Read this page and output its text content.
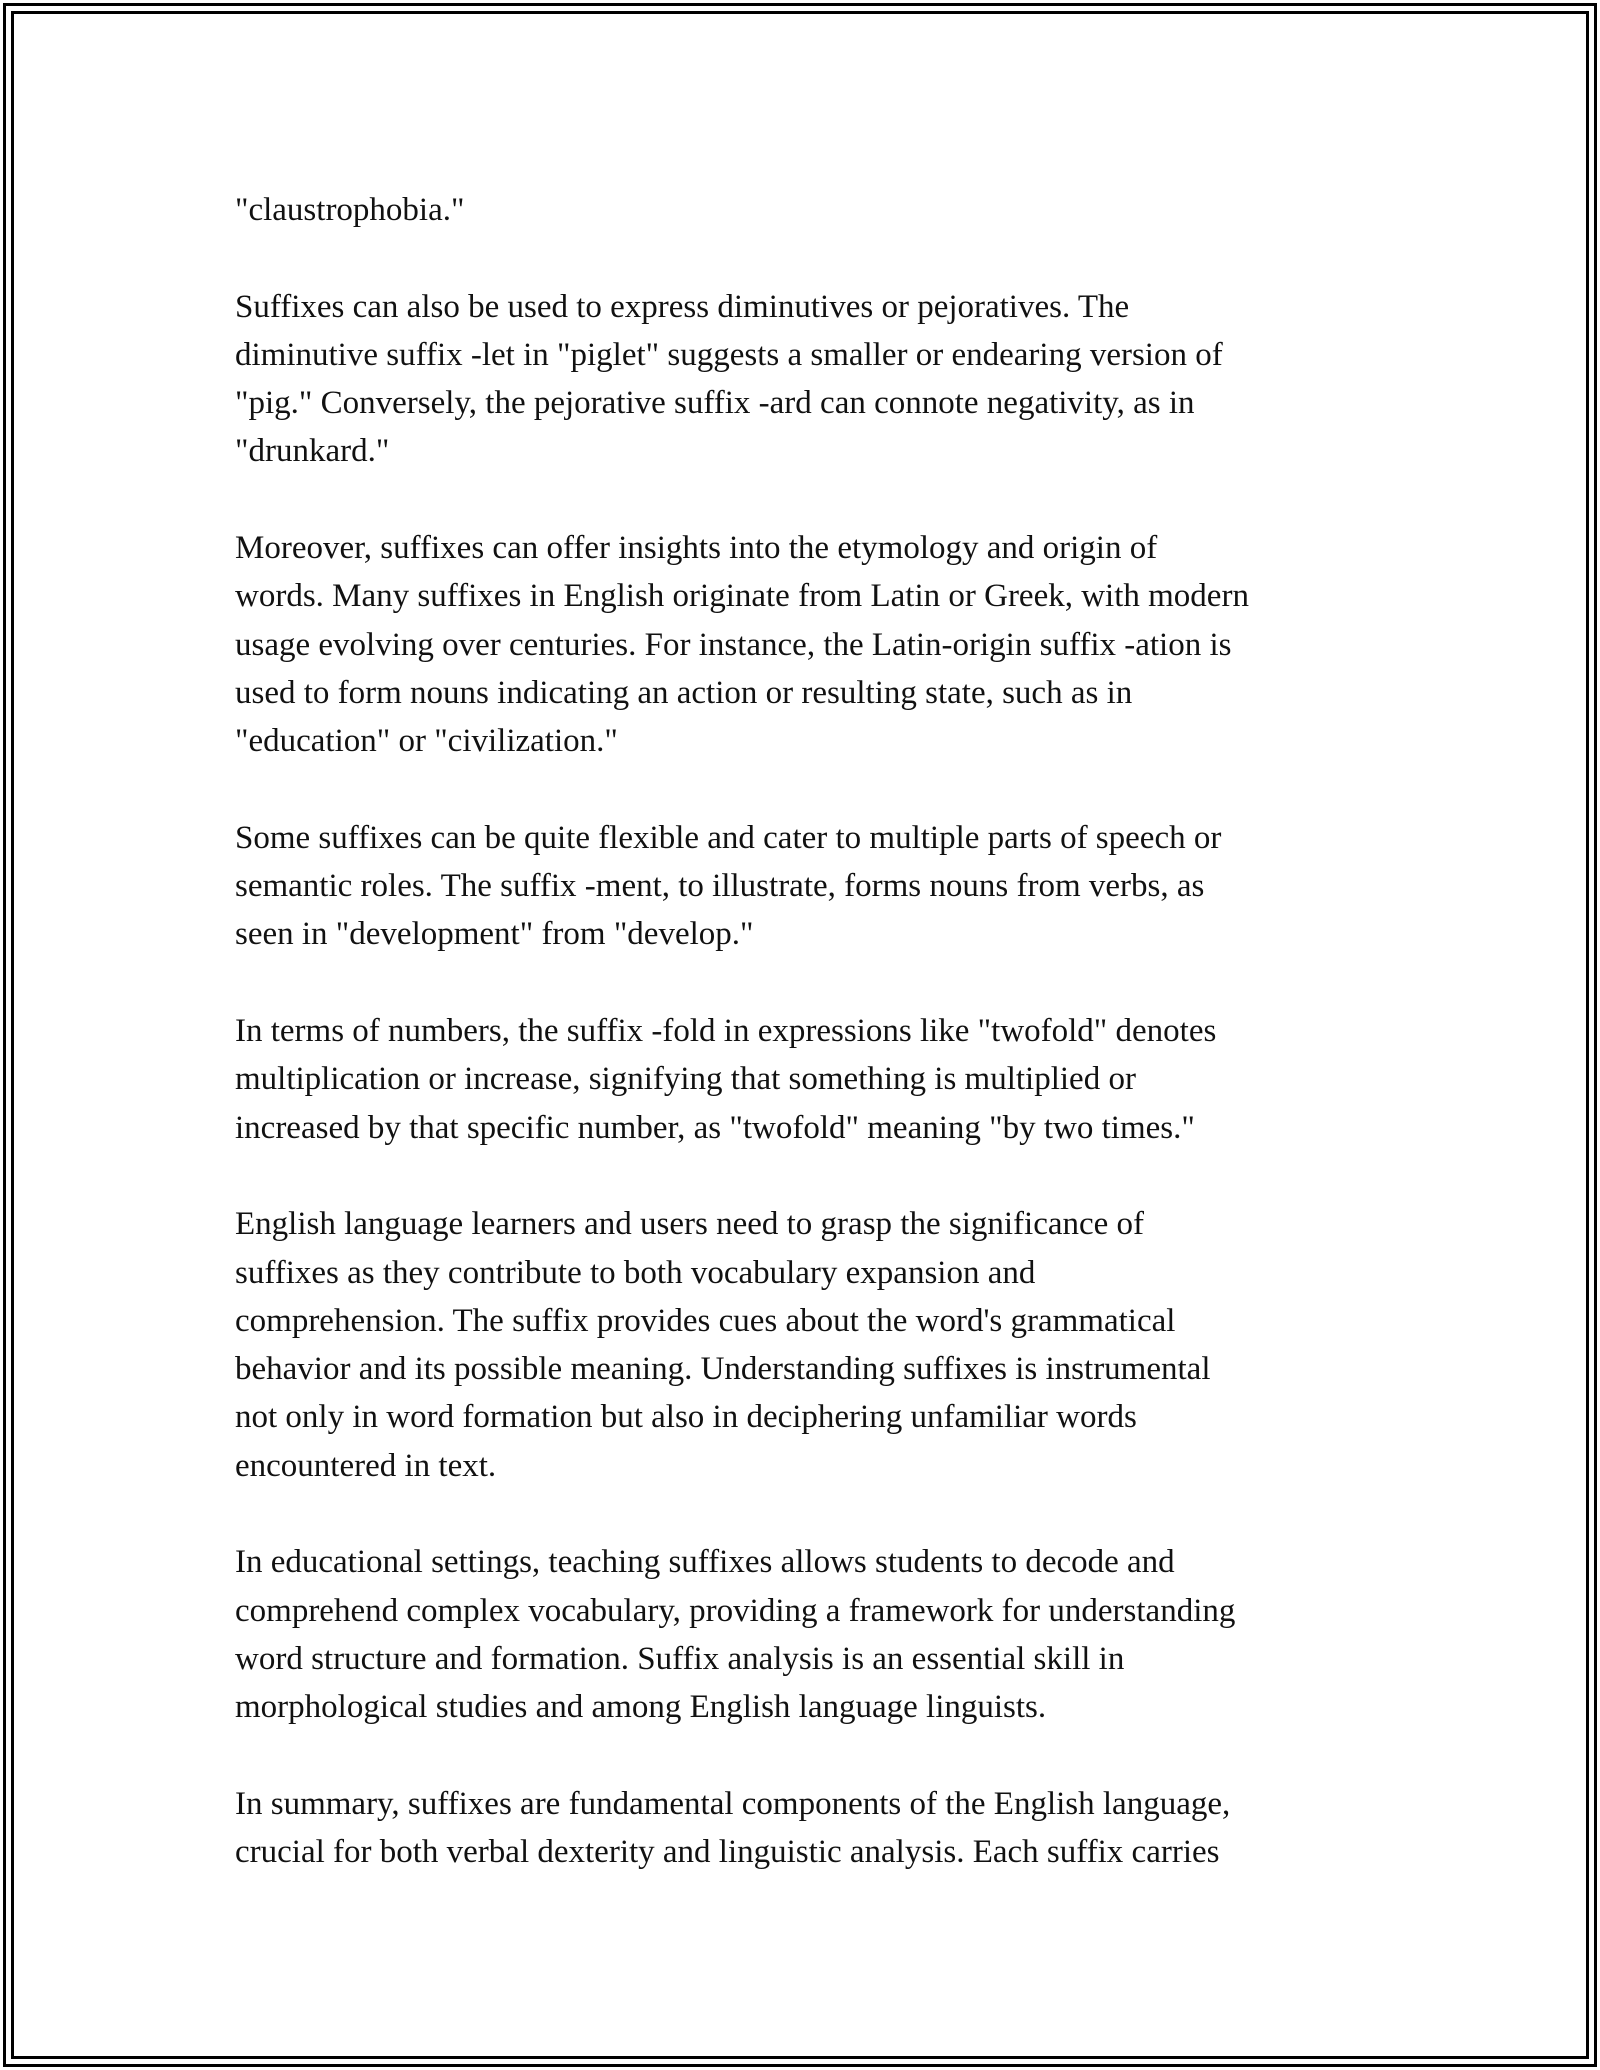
"claustrophobia."

Suffixes can also be used to express diminutives or pejoratives. The
diminutive suffix -let in "piglet" suggests a smaller or endearing version of
"pig." Conversely, the pejorative suffix -ard can connote negativity, as in
"drunkard."

Moreover, suffixes can offer insights into the etymology and origin of
words. Many suffixes in English originate from Latin or Greek, with modern
usage evolving over centuries. For instance, the Latin-origin suffix -ation is
used to form nouns indicating an action or resulting state, such as in
"education" or "civilization."

Some suffixes can be quite flexible and cater to multiple parts of speech or
semantic roles. The suffix -ment, to illustrate, forms nouns from verbs, as
seen in "development" from "develop."

In terms of numbers, the suffix -fold in expressions like "twofold" denotes
multiplication or increase, signifying that something is multiplied or
increased by that specific number, as "twofold" meaning "by two times."

English language learners and users need to grasp the significance of
suffixes as they contribute to both vocabulary expansion and
comprehension. The suffix provides cues about the word's grammatical
behavior and its possible meaning. Understanding suffixes is instrumental
not only in word formation but also in deciphering unfamiliar words
encountered in text.

In educational settings, teaching suffixes allows students to decode and
comprehend complex vocabulary, providing a framework for understanding
word structure and formation. Suffix analysis is an essential skill in
morphological studies and among English language linguists.

In summary, suffixes are fundamental components of the English language,
crucial for both verbal dexterity and linguistic analysis. Each suffix carries
